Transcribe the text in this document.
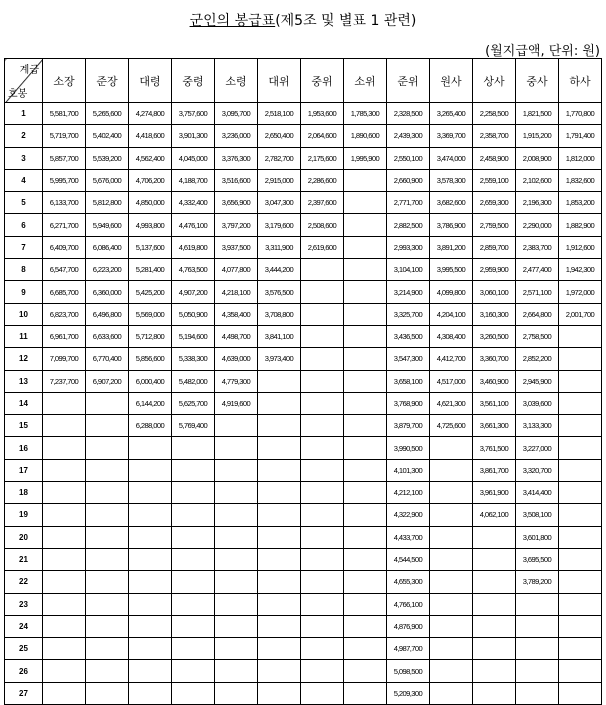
군인의 봉급표(제5조 및 별표 1 관련)
(월지급액, 단위: 원)
계급
호봉	소장	준장	대령	중령	소령	대위	중위	소위	준위	원사	상사	중사	하사
1	5,581,700	5,265,600	4,274,800	3,757,600	3,095,700	2,518,100	1,953,600	1,785,300	2,328,500	3,265,400	2,258,500	1,821,500	1,770,800
2	5,719,700	5,402,400	4,418,600	3,901,300	3,236,000	2,650,400	2,064,600	1,890,600	2,439,300	3,369,700	2,358,700	1,915,200	1,791,400
3	5,857,700	5,539,200	4,562,400	4,045,000	3,376,300	2,782,700	2,175,600	1,995,900	2,550,100	3,474,000	2,458,900	2,008,900	1,812,000
4	5,995,700	5,676,000	4,706,200	4,188,700	3,516,600	2,915,000	2,286,600		2,660,900	3,578,300	2,559,100	2,102,600	1,832,600
5	6,133,700	5,812,800	4,850,000	4,332,400	3,656,900	3,047,300	2,397,600		2,771,700	3,682,600	2,659,300	2,196,300	1,853,200
6	6,271,700	5,949,600	4,993,800	4,476,100	3,797,200	3,179,600	2,508,600		2,882,500	3,786,900	2,759,500	2,290,000	1,882,900
7	6,409,700	6,086,400	5,137,600	4,619,800	3,937,500	3,311,900	2,619,600		2,993,300	3,891,200	2,859,700	2,383,700	1,912,600
8	6,547,700	6,223,200	5,281,400	4,763,500	4,077,800	3,444,200			3,104,100	3,995,500	2,959,900	2,477,400	1,942,300
9	6,685,700	6,360,000	5,425,200	4,907,200	4,218,100	3,576,500			3,214,900	4,099,800	3,060,100	2,571,100	1,972,000
10	6,823,700	6,496,800	5,569,000	5,050,900	4,358,400	3,708,800			3,325,700	4,204,100	3,160,300	2,664,800	2,001,700
11	6,961,700	6,633,600	5,712,800	5,194,600	4,498,700	3,841,100			3,436,500	4,308,400	3,260,500	2,758,500	
12	7,099,700	6,770,400	5,856,600	5,338,300	4,639,000	3,973,400			3,547,300	4,412,700	3,360,700	2,852,200	
13	7,237,700	6,907,200	6,000,400	5,482,000	4,779,300				3,658,100	4,517,000	3,460,900	2,945,900	
14			6,144,200	5,625,700	4,919,600				3,768,900	4,621,300	3,561,100	3,039,600	
15			6,288,000	5,769,400					3,879,700	4,725,600	3,661,300	3,133,300	
16									3,990,500		3,761,500	3,227,000	
17									4,101,300		3,861,700	3,320,700	
18									4,212,100		3,961,900	3,414,400	
19									4,322,900		4,062,100	3,508,100	
20									4,433,700			3,601,800	
21									4,544,500			3,695,500	
22									4,655,300			3,789,200	
23									4,766,100				
24									4,876,900				
25									4,987,700				
26									5,098,500				
27									5,209,300				
